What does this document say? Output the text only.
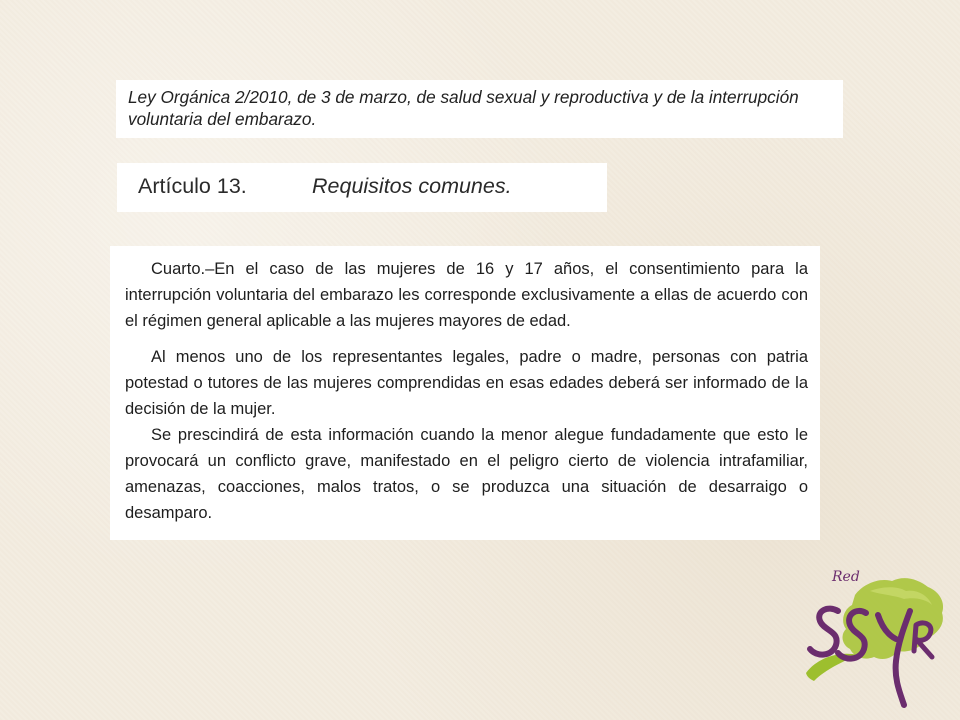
Ley Orgánica 2/2010, de 3 de marzo, de salud sexual y reproductiva y de la interrupción voluntaria del embarazo.

Artículo 13.	Requisitos comunes.

Cuarto.–En el caso de las mujeres de 16 y 17 años, el consentimiento para la interrupción voluntaria del embarazo les corresponde exclusivamente a ellas de acuerdo con el régimen general aplicable a las mujeres mayores de edad.

Al menos uno de los representantes legales, padre o madre, personas con patria potestad o tutores de las mujeres comprendidas en esas edades deberá ser informado de la decisión de la mujer.

Se prescindirá de esta información cuando la menor alegue fundadamente que esto le provocará un conflicto grave, manifestado en el peligro cierto de violencia intrafamiliar, amenazas, coacciones, malos tratos, o se produzca una situación de desarraigo o desamparo.

Red
